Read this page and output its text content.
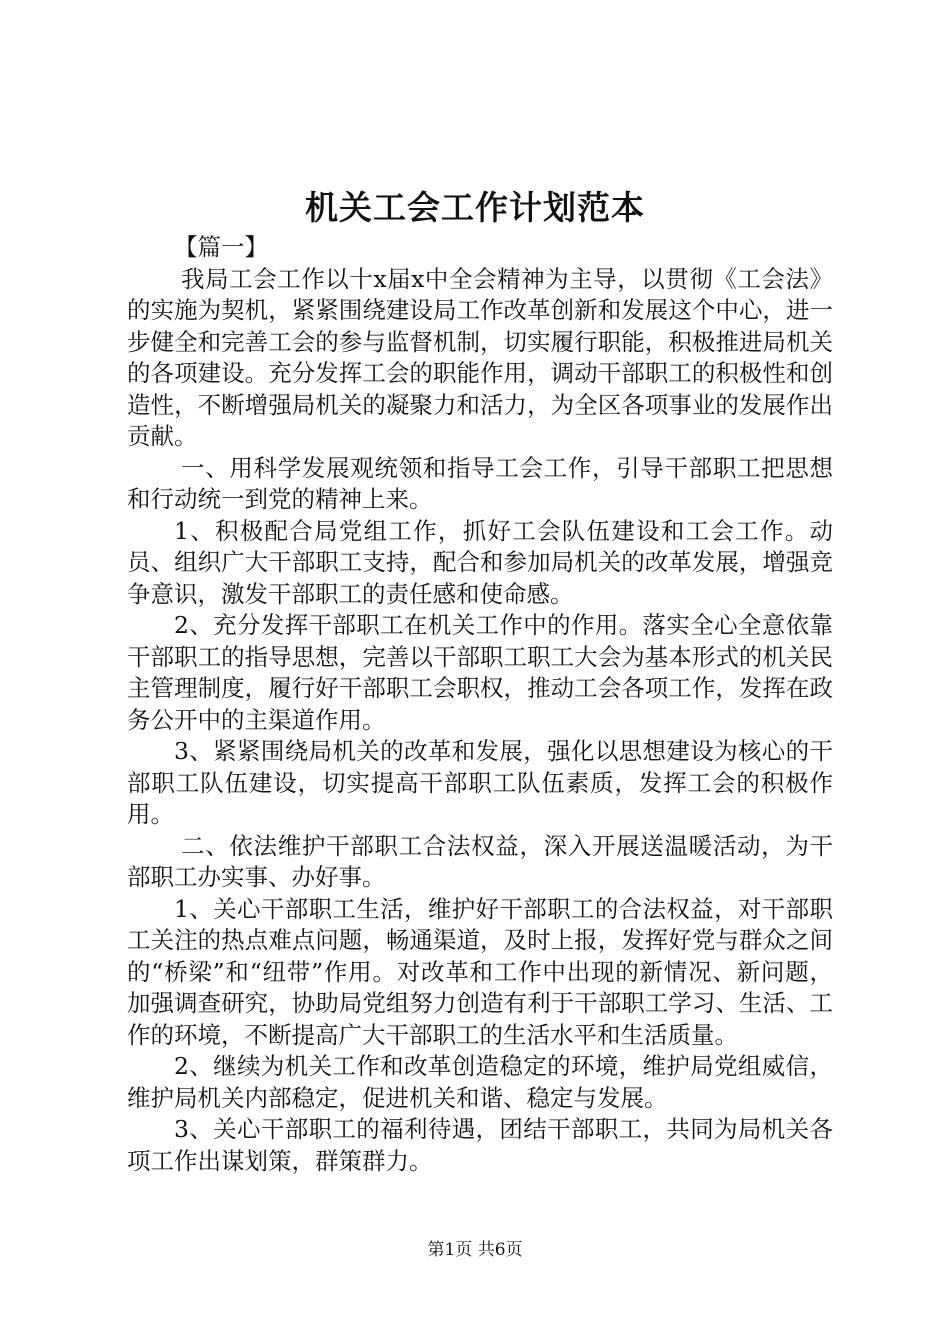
机关工会工作计划范本

【篇一】

我局工会工作以十x届x中全会精神为主导，以贯彻《工会法》的实施为契机，紧紧围绕建设局工作改革创新和发展这个中心，进一步健全和完善工会的参与监督机制，切实履行职能，积极推进局机关的各项建设。充分发挥工会的职能作用，调动干部职工的积极性和创造性，不断增强局机关的凝聚力和活力，为全区各项事业的发展作出贡献。

一、用科学发展观统领和指导工会工作，引导干部职工把思想和行动统一到党的精神上来。

1、积极配合局党组工作，抓好工会队伍建设和工会工作。动员、组织广大干部职工支持，配合和参加局机关的改革发展，增强竞争意识，激发干部职工的责任感和使命感。

2、充分发挥干部职工在机关工作中的作用。落实全心全意依靠干部职工的指导思想，完善以干部职工职工大会为基本形式的机关民主管理制度，履行好干部职工会职权，推动工会各项工作，发挥在政务公开中的主渠道作用。

3、紧紧围绕局机关的改革和发展，强化以思想建设为核心的干部职工队伍建设，切实提高干部职工队伍素质，发挥工会的积极作用。

二、依法维护干部职工合法权益，深入开展送温暖活动，为干部职工办实事、办好事。

1、关心干部职工生活，维护好干部职工的合法权益，对干部职工关注的热点难点问题，畅通渠道，及时上报，发挥好党与群众之间的“桥梁”和“纽带”作用。对改革和工作中出现的新情况、新问题，加强调查研究，协助局党组努力创造有利于干部职工学习、生活、工作的环境，不断提高广大干部职工的生活水平和生活质量。

2、继续为机关工作和改革创造稳定的环境，维护局党组威信，维护局机关内部稳定，促进机关和谐、稳定与发展。

3、关心干部职工的福利待遇，团结干部职工，共同为局机关各项工作出谋划策，群策群力。

第1页 共6页
